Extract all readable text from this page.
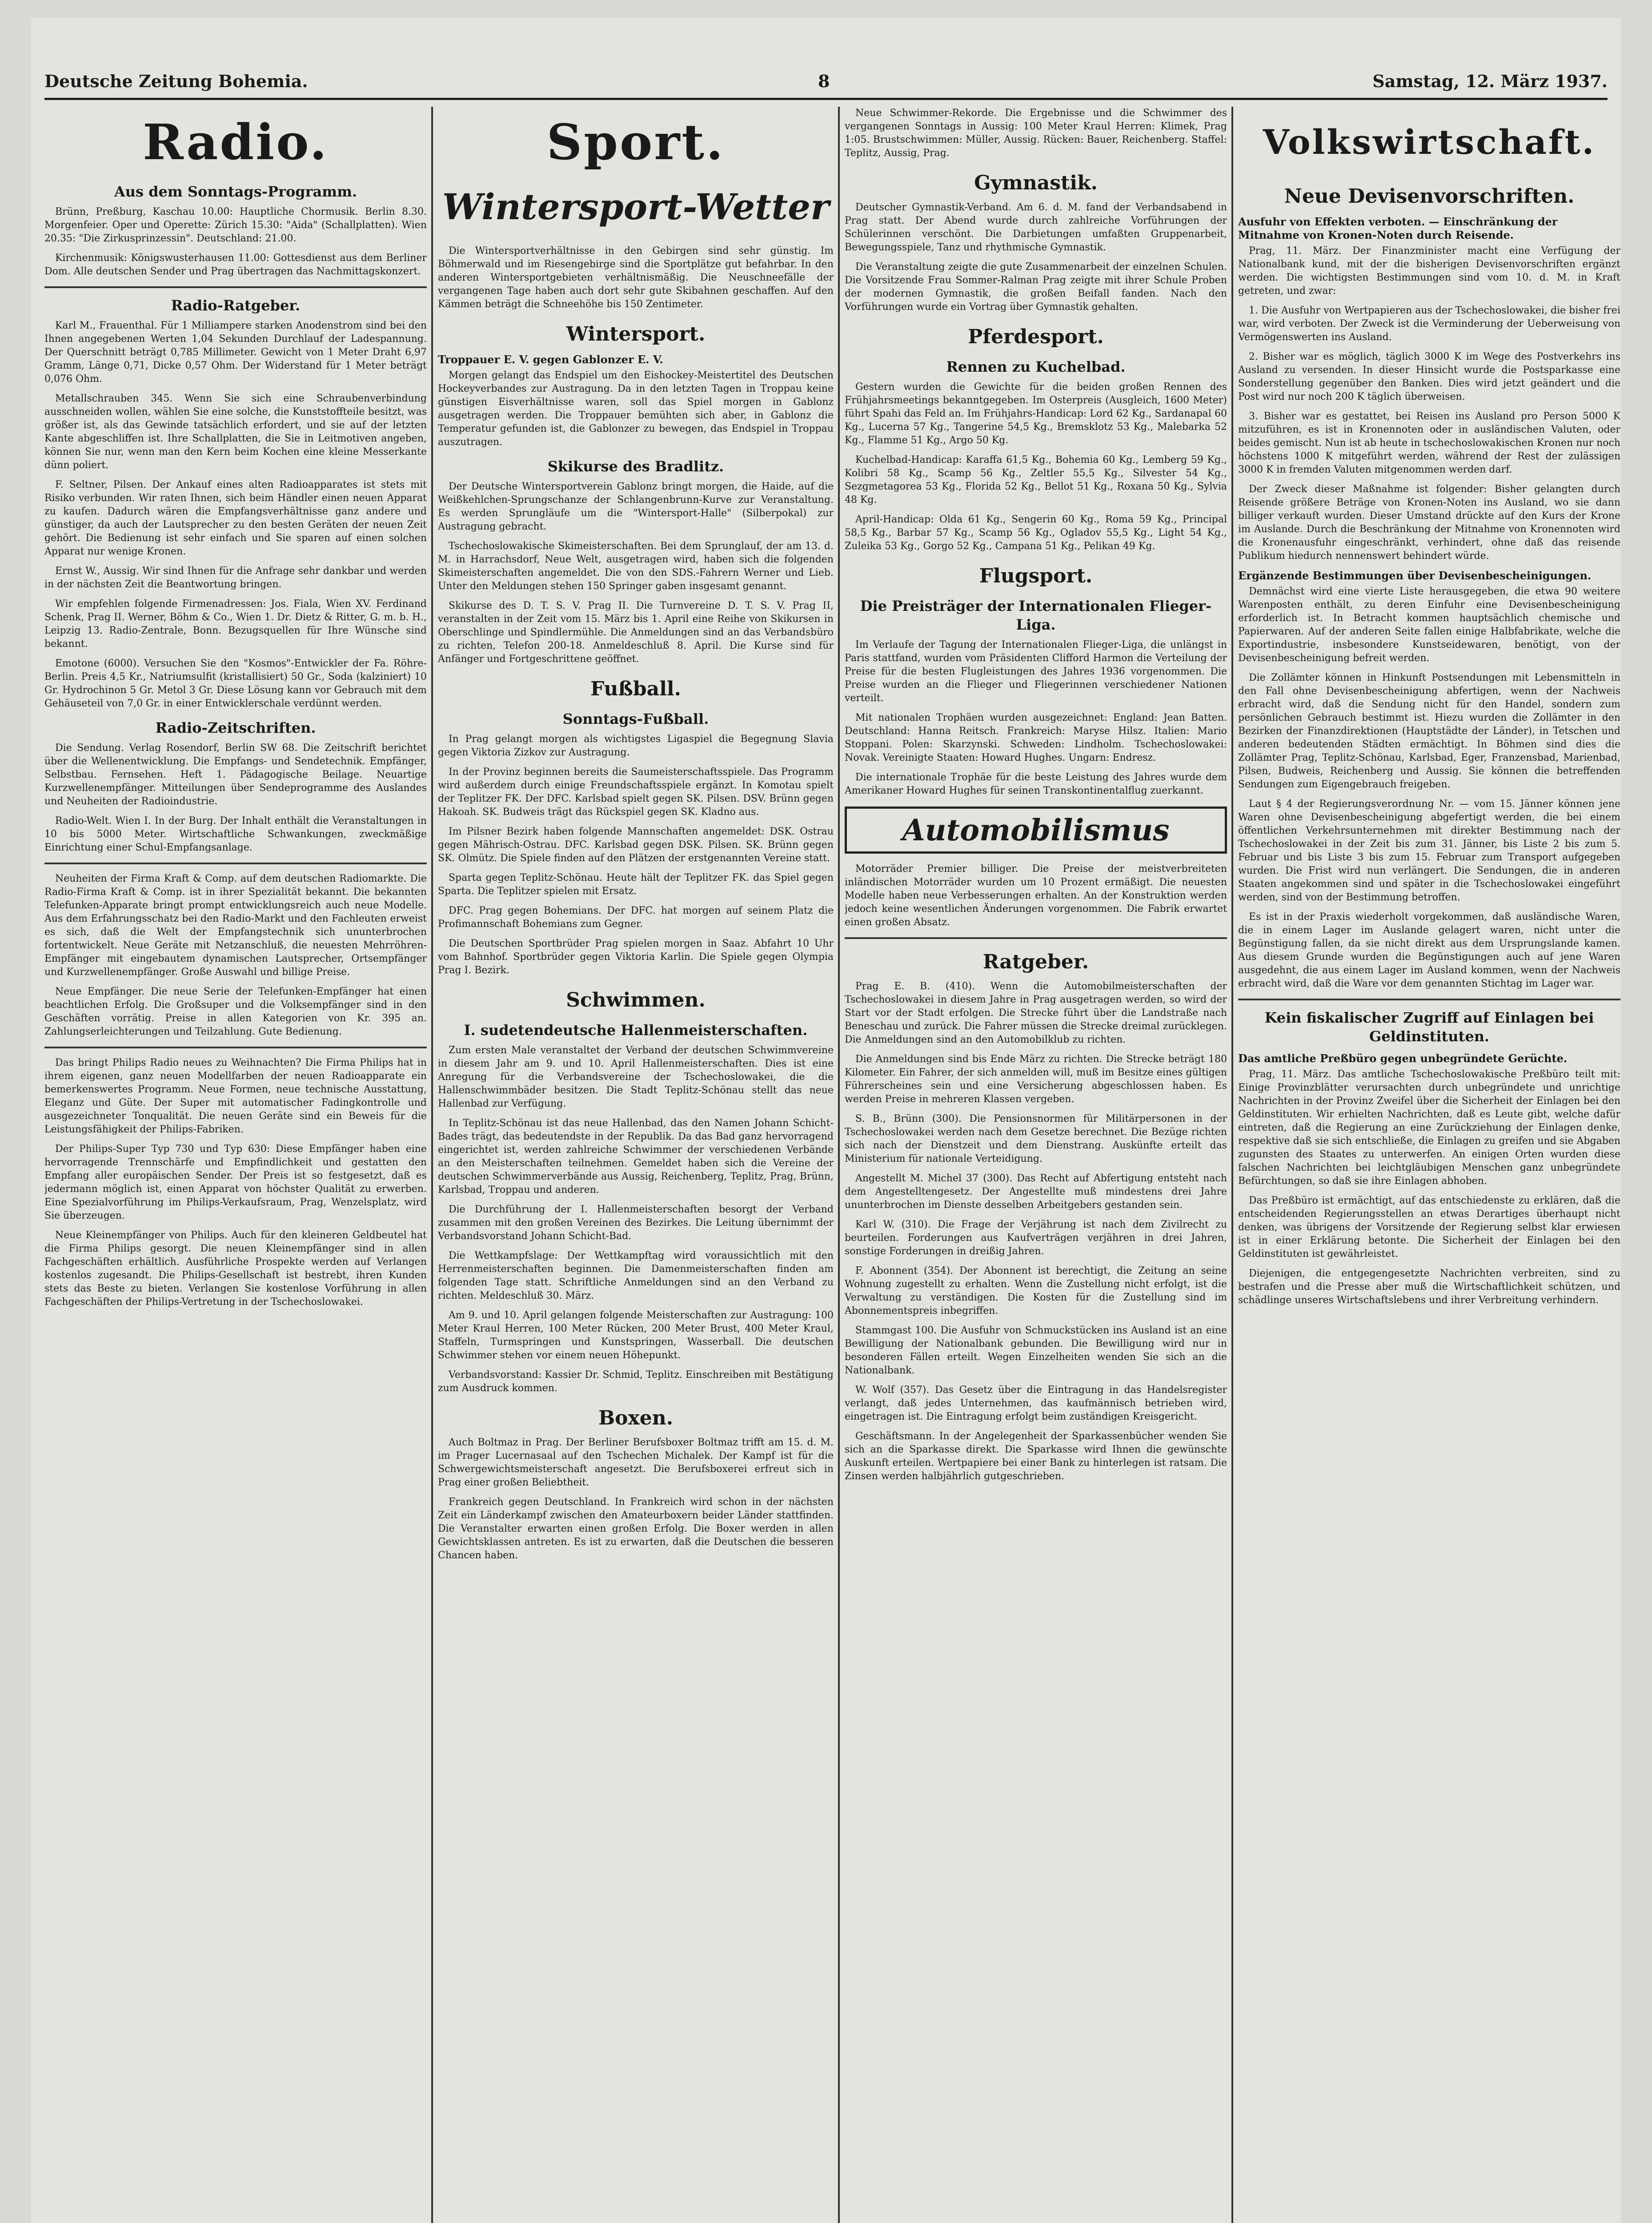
Deutsche Zeitung Bohemia.	8	Samstag, 12. März 1937.
Radio.
Aus dem Sonntags-Programm.

Brünn, Preßburg, Kaschau 10.00: Hauptliche Chormusik. Berlin 8.30. Morgenfeier. Oper und Operette: Zürich 15.30: "Aida" (Schallplatten). Wien 20.35: "Die Zirkusprinzessin". Deutschland: 21.00.

Kirchenmusik: Königswusterhausen 11.00: Gottesdienst aus dem Berliner Dom. Alle deutschen Sender und Prag übertragen das Nachmittagskonzert.

Radio-Ratgeber.

Karl M., Frauenthal. Für 1 Milliampere starken Anodenstrom sind bei den Ihnen angegebenen Werten 1,04 Sekunden Durchlauf der Ladespannung. Der Querschnitt beträgt 0,785 Millimeter. Gewicht von 1 Meter Draht 6,97 Gramm, Länge 0,71, Dicke 0,57 Ohm. Der Widerstand für 1 Meter beträgt 0,076 Ohm.

Metallschrauben 345. Wenn Sie sich eine Schraubenverbindung ausschneiden wollen, wählen Sie eine solche, die Kunststoffteile besitzt, was größer ist, als das Gewinde tatsächlich erfordert, und sie auf der letzten Kante abgeschliffen ist. Ihre Schallplatten, die Sie in Leitmotiven angeben, können Sie nur, wenn man den Kern beim Kochen eine kleine Messerkante dünn poliert.

F. Seltner, Pilsen. Der Ankauf eines alten Radioapparates ist stets mit Risiko verbunden. Wir raten Ihnen, sich beim Händler einen neuen Apparat zu kaufen. Dadurch wären die Empfangsverhältnisse ganz andere und günstiger, da auch der Lautsprecher zu den besten Geräten der neuen Zeit gehört. Die Bedienung ist sehr einfach und Sie sparen auf einen solchen Apparat nur wenige Kronen.

Ernst W., Aussig. Wir sind Ihnen für die Anfrage sehr dankbar und werden in der nächsten Zeit die Beantwortung bringen.

Wir empfehlen folgende Firmenadressen: Jos. Fiala, Wien XV. Ferdinand Schenk, Prag II. Werner, Böhm & Co., Wien 1. Dr. Dietz & Ritter, G. m. b. H., Leipzig 13. Radio-Zentrale, Bonn. Bezugsquellen für Ihre Wünsche sind bekannt.

Emotone (6000). Versuchen Sie den "Kosmos"-Entwickler der Fa. Röhre-Berlin. Preis 4,5 Kr., Natriumsulfit (kristallisiert) 50 Gr., Soda (kalziniert) 10 Gr. Hydrochinon 5 Gr. Metol 3 Gr. Diese Lösung kann vor Gebrauch mit dem Gehäuseteil von 7,0 Gr. in einer Entwicklerschale verdünnt werden.

Radio-Zeitschriften.

Die Sendung. Verlag Rosendorf, Berlin SW 68. Die Zeitschrift berichtet über die Wellenentwicklung. Die Empfangs- und Sendetechnik. Empfänger, Selbstbau. Fernsehen. Heft 1. Pädagogische Beilage. Neuartige Kurzwellenempfänger. Mitteilungen über Sendeprogramme des Auslandes und Neuheiten der Radioindustrie.

Radio-Welt. Wien I. In der Burg. Der Inhalt enthält die Veranstaltungen in 10 bis 5000 Meter. Wirtschaftliche Schwankungen, zweckmäßige Einrichtung einer Schul-Empfangsanlage.

Neuheiten der Firma Kraft & Comp. auf dem deutschen Radiomarkte. Die Radio-Firma Kraft & Comp. ist in ihrer Spezialität bekannt. Die bekannten Telefunken-Apparate bringt prompt entwicklungsreich auch neue Modelle. Aus dem Erfahrungsschatz bei den Radio-Markt und den Fachleuten erweist es sich, daß die Welt der Empfangstechnik sich ununterbrochen fortentwickelt. Neue Geräte mit Netzanschluß, die neuesten Mehrröhren-Empfänger mit eingebautem dynamischen Lautsprecher, Ortsempfänger und Kurzwellenempfänger. Große Auswahl und billige Preise.

Neue Empfänger. Die neue Serie der Telefunken-Empfänger hat einen beachtlichen Erfolg. Die Großsuper und die Volksempfänger sind in den Geschäften vorrätig. Preise in allen Kategorien von Kr. 395 an. Zahlungserleichterungen und Teilzahlung. Gute Bedienung.

Das bringt Philips Radio neues zu Weihnachten? Die Firma Philips hat in ihrem eigenen, ganz neuen Modellfarben der neuen Radioapparate ein bemerkenswertes Programm. Neue Formen, neue technische Ausstattung, Eleganz und Güte. Der Super mit automatischer Fadingkontrolle und ausgezeichneter Tonqualität. Die neuen Geräte sind ein Beweis für die Leistungsfähigkeit der Philips-Fabriken.

Der Philips-Super Typ 730 und Typ 630: Diese Empfänger haben eine hervorragende Trennschärfe und Empfindlichkeit und gestatten den Empfang aller europäischen Sender. Der Preis ist so festgesetzt, daß es jedermann möglich ist, einen Apparat von höchster Qualität zu erwerben. Eine Spezialvorführung im Philips-Verkaufsraum, Prag, Wenzelsplatz, wird Sie überzeugen.

Neue Kleinempfänger von Philips. Auch für den kleineren Geldbeutel hat die Firma Philips gesorgt. Die neuen Kleinempfänger sind in allen Fachgeschäften erhältlich. Ausführliche Prospekte werden auf Verlangen kostenlos zugesandt. Die Philips-Gesellschaft ist bestrebt, ihren Kunden stets das Beste zu bieten. Verlangen Sie kostenlose Vorführung in allen Fachgeschäften der Philips-Vertretung in der Tschechoslowakei.

Sport.
Wintersport-Wetter

Die Wintersportverhältnisse in den Gebirgen sind sehr günstig. Im Böhmerwald und im Riesengebirge sind die Sportplätze gut befahrbar. In den anderen Wintersportgebieten verhältnismäßig. Die Neuschneefälle der vergangenen Tage haben auch dort sehr gute Skibahnen geschaffen. Auf den Kämmen beträgt die Schneehöhe bis 150 Zentimeter.

Wintersport.
Troppauer E. V. gegen Gablonzer E. V.

Morgen gelangt das Endspiel um den Eishockey-Meistertitel des Deutschen Hockeyverbandes zur Austragung. Da in den letzten Tagen in Troppau keine günstigen Eisverhältnisse waren, soll das Spiel morgen in Gablonz ausgetragen werden. Die Troppauer bemühten sich aber, in Gablonz die Temperatur gefunden ist, die Gablonzer zu bewegen, das Endspiel in Troppau auszutragen.

Skikurse des Bradlitz.

Der Deutsche Wintersportverein Gablonz bringt morgen, die Haide, auf die Weißkehlchen-Sprungschanze der Schlangenbrunn-Kurve zur Veranstaltung. Es werden Sprungläufe um die "Wintersport-Halle" (Silberpokal) zur Austragung gebracht.

Tschechoslowakische Skimeisterschaften. Bei dem Sprunglauf, der am 13. d. M. in Harrachsdorf, Neue Welt, ausgetragen wird, haben sich die folgenden Skimeisterschaften angemeldet. Die von den SDS.-Fahrern Werner und Lieb. Unter den Meldungen stehen 150 Springer gaben insgesamt genannt.

Skikurse des D. T. S. V. Prag II. Die Turnvereine D. T. S. V. Prag II, veranstalten in der Zeit vom 15. März bis 1. April eine Reihe von Skikursen in Oberschlinge und Spindlermühle. Die Anmeldungen sind an das Verbandsbüro zu richten, Telefon 200-18. Anmeldeschluß 8. April. Die Kurse sind für Anfänger und Fortgeschrittene geöffnet.

Fußball.
Sonntags-Fußball.

In Prag gelangt morgen als wichtigstes Ligaspiel die Begegnung Slavia gegen Viktoria Zizkov zur Austragung.

In der Provinz beginnen bereits die Saumeisterschaftsspiele. Das Programm wird außerdem durch einige Freundschaftsspiele ergänzt. In Komotau spielt der Teplitzer FK. Der DFC. Karlsbad spielt gegen SK. Pilsen. DSV. Brünn gegen Hakoah. SK. Budweis trägt das Rückspiel gegen SK. Kladno aus.

Im Pilsner Bezirk haben folgende Mannschaften angemeldet: DSK. Ostrau gegen Mährisch-Ostrau. DFC. Karlsbad gegen DSK. Pilsen. SK. Brünn gegen SK. Olmütz. Die Spiele finden auf den Plätzen der erstgenannten Vereine statt.

Sparta gegen Teplitz-Schönau. Heute hält der Teplitzer FK. das Spiel gegen Sparta. Die Teplitzer spielen mit Ersatz.

DFC. Prag gegen Bohemians. Der DFC. hat morgen auf seinem Platz die Profimannschaft Bohemians zum Gegner.

Die Deutschen Sportbrüder Prag spielen morgen in Saaz. Abfahrt 10 Uhr vom Bahnhof. Sportbrüder gegen Viktoria Karlin. Die Spiele gegen Olympia Prag I. Bezirk.

Schwimmen.
I. sudetendeutsche Hallenmeisterschaften.

Zum ersten Male veranstaltet der Verband der deutschen Schwimmvereine in diesem Jahr am 9. und 10. April Hallenmeisterschaften. Dies ist eine Anregung für die Verbandsvereine der Tschechoslowakei, die die Hallenschwimmbäder besitzen. Die Stadt Teplitz-Schönau stellt das neue Hallenbad zur Verfügung.

In Teplitz-Schönau ist das neue Hallenbad, das den Namen Johann Schicht-Bades trägt, das bedeutendste in der Republik. Da das Bad ganz hervorragend eingerichtet ist, werden zahlreiche Schwimmer der verschiedenen Verbände an den Meisterschaften teilnehmen. Gemeldet haben sich die Vereine der deutschen Schwimmerverbände aus Aussig, Reichenberg, Teplitz, Prag, Brünn, Karlsbad, Troppau und anderen.

Die Durchführung der I. Hallenmeisterschaften besorgt der Verband zusammen mit den großen Vereinen des Bezirkes. Die Leitung übernimmt der Verbandsvorstand Johann Schicht-Bad.

Die Wettkampfslage: Der Wettkampftag wird voraussichtlich mit den Herrenmeisterschaften beginnen. Die Damenmeisterschaften finden am folgenden Tage statt. Schriftliche Anmeldungen sind an den Verband zu richten. Meldeschluß 30. März.

Am 9. und 10. April gelangen folgende Meisterschaften zur Austragung: 100 Meter Kraul Herren, 100 Meter Rücken, 200 Meter Brust, 400 Meter Kraul, Staffeln, Turmspringen und Kunstspringen, Wasserball. Die deutschen Schwimmer stehen vor einem neuen Höhepunkt.

Verbandsvorstand: Kassier Dr. Schmid, Teplitz. Einschreiben mit Bestätigung zum Ausdruck kommen.

Boxen.

Auch Boltmaz in Prag. Der Berliner Berufsboxer Boltmaz trifft am 15. d. M. im Prager Lucernasaal auf den Tschechen Michalek. Der Kampf ist für die Schwergewichtsmeisterschaft angesetzt. Die Berufsboxerei erfreut sich in Prag einer großen Beliebtheit.

Frankreich gegen Deutschland. In Frankreich wird schon in der nächsten Zeit ein Länderkampf zwischen den Amateurboxern beider Länder stattfinden. Die Veranstalter erwarten einen großen Erfolg. Die Boxer werden in allen Gewichtsklassen antreten. Es ist zu erwarten, daß die Deutschen die besseren Chancen haben.

Neue Schwimmer-Rekorde. Die Ergebnisse und die Schwimmer des vergangenen Sonntags in Aussig: 100 Meter Kraul Herren: Klimek, Prag 1:05. Brustschwimmen: Müller, Aussig. Rücken: Bauer, Reichenberg. Staffel: Teplitz, Aussig, Prag.

Gymnastik.

Deutscher Gymnastik-Verband. Am 6. d. M. fand der Verbandsabend in Prag statt. Der Abend wurde durch zahlreiche Vorführungen der Schülerinnen verschönt. Die Darbietungen umfaßten Gruppenarbeit, Bewegungsspiele, Tanz und rhythmische Gymnastik.

Die Veranstaltung zeigte die gute Zusammenarbeit der einzelnen Schulen. Die Vorsitzende Frau Sommer-Ralman Prag zeigte mit ihrer Schule Proben der modernen Gymnastik, die großen Beifall fanden. Nach den Vorführungen wurde ein Vortrag über Gymnastik gehalten.

Pferdesport.
Rennen zu Kuchelbad.

Gestern wurden die Gewichte für die beiden großen Rennen des Frühjahrsmeetings bekanntgegeben. Im Osterpreis (Ausgleich, 1600 Meter) führt Spahi das Feld an. Im Frühjahrs-Handicap: Lord 62 Kg., Sardanapal 60 Kg., Lucerna 57 Kg., Tangerine 54,5 Kg., Bremsklotz 53 Kg., Malebarka 52 Kg., Flamme 51 Kg., Argo 50 Kg.

Kuchelbad-Handicap: Karaffa 61,5 Kg., Bohemia 60 Kg., Lemberg 59 Kg., Kolibri 58 Kg., Scamp 56 Kg., Zeltler 55,5 Kg., Silvester 54 Kg., Sezgmetagorea 53 Kg., Florida 52 Kg., Bellot 51 Kg., Roxana 50 Kg., Sylvia 48 Kg.

April-Handicap: Olda 61 Kg., Sengerin 60 Kg., Roma 59 Kg., Principal 58,5 Kg., Barbar 57 Kg., Scamp 56 Kg., Ogladov 55,5 Kg., Light 54 Kg., Zuleika 53 Kg., Gorgo 52 Kg., Campana 51 Kg., Pelikan 49 Kg.

Flugsport.
Die Preisträger der Internationalen Flieger-Liga.

Im Verlaufe der Tagung der Internationalen Flieger-Liga, die unlängst in Paris stattfand, wurden vom Präsidenten Clifford Harmon die Verteilung der Preise für die besten Flugleistungen des Jahres 1936 vorgenommen. Die Preise wurden an die Flieger und Fliegerinnen verschiedener Nationen verteilt.

Mit nationalen Trophäen wurden ausgezeichnet: England: Jean Batten. Deutschland: Hanna Reitsch. Frankreich: Maryse Hilsz. Italien: Mario Stoppani. Polen: Skarzynski. Schweden: Lindholm. Tschechoslowakei: Novak. Vereinigte Staaten: Howard Hughes. Ungarn: Endresz.

Die internationale Trophäe für die beste Leistung des Jahres wurde dem Amerikaner Howard Hughes für seinen Transkontinentalflug zuerkannt.

Automobilismus

Motorräder Premier billiger. Die Preise der meistverbreiteten inländischen Motorräder wurden um 10 Prozent ermäßigt. Die neuesten Modelle haben neue Verbesserungen erhalten. An der Konstruktion werden jedoch keine wesentlichen Änderungen vorgenommen. Die Fabrik erwartet einen großen Absatz.

Ratgeber.

Prag E. B. (410). Wenn die Automobilmeisterschaften der Tschechoslowakei in diesem Jahre in Prag ausgetragen werden, so wird der Start vor der Stadt erfolgen. Die Strecke führt über die Landstraße nach Beneschau und zurück. Die Fahrer müssen die Strecke dreimal zurücklegen. Die Anmeldungen sind an den Automobilklub zu richten.

Die Anmeldungen sind bis Ende März zu richten. Die Strecke beträgt 180 Kilometer. Ein Fahrer, der sich anmelden will, muß im Besitze eines gültigen Führerscheines sein und eine Versicherung abgeschlossen haben. Es werden Preise in mehreren Klassen vergeben.

S. B., Brünn (300). Die Pensionsnormen für Militärpersonen in der Tschechoslowakei werden nach dem Gesetze berechnet. Die Bezüge richten sich nach der Dienstzeit und dem Dienstrang. Auskünfte erteilt das Ministerium für nationale Verteidigung.

Angestellt M. Michel 37 (300). Das Recht auf Abfertigung entsteht nach dem Angestelltengesetz. Der Angestellte muß mindestens drei Jahre ununterbrochen im Dienste desselben Arbeitgebers gestanden sein.

Karl W. (310). Die Frage der Verjährung ist nach dem Zivilrecht zu beurteilen. Forderungen aus Kaufverträgen verjähren in drei Jahren, sonstige Forderungen in dreißig Jahren.

F. Abonnent (354). Der Abonnent ist berechtigt, die Zeitung an seine Wohnung zugestellt zu erhalten. Wenn die Zustellung nicht erfolgt, ist die Verwaltung zu verständigen. Die Kosten für die Zustellung sind im Abonnementspreis inbegriffen.

Stammgast 100. Die Ausfuhr von Schmuckstücken ins Ausland ist an eine Bewilligung der Nationalbank gebunden. Die Bewilligung wird nur in besonderen Fällen erteilt. Wegen Einzelheiten wenden Sie sich an die Nationalbank.

W. Wolf (357). Das Gesetz über die Eintragung in das Handelsregister verlangt, daß jedes Unternehmen, das kaufmännisch betrieben wird, eingetragen ist. Die Eintragung erfolgt beim zuständigen Kreisgericht.

Geschäftsmann. In der Angelegenheit der Sparkassenbücher wenden Sie sich an die Sparkasse direkt. Die Sparkasse wird Ihnen die gewünschte Auskunft erteilen. Wertpapiere bei einer Bank zu hinterlegen ist ratsam. Die Zinsen werden halbjährlich gutgeschrieben.

Volkswirtschaft.
Neue Devisenvorschriften.
Ausfuhr von Effekten verboten. — Einschränkung der Mitnahme von Kronen-Noten durch Reisende.

Prag, 11. März. Der Finanzminister macht eine Verfügung der Nationalbank kund, mit der die bisherigen Devisenvorschriften ergänzt werden. Die wichtigsten Bestimmungen sind vom 10. d. M. in Kraft getreten, und zwar:

1. Die Ausfuhr von Wertpapieren aus der Tschechoslowakei, die bisher frei war, wird verboten. Der Zweck ist die Verminderung der Ueberweisung von Vermögenswerten ins Ausland.

2. Bisher war es möglich, täglich 3000 K im Wege des Postverkehrs ins Ausland zu versenden. In dieser Hinsicht wurde die Postsparkasse eine Sonderstellung gegenüber den Banken. Dies wird jetzt geändert und die Post wird nur noch 200 K täglich überweisen.

3. Bisher war es gestattet, bei Reisen ins Ausland pro Person 5000 K mitzuführen, es ist in Kronennoten oder in ausländischen Valuten, oder beides gemischt. Nun ist ab heute in tschechoslowakischen Kronen nur noch höchstens 1000 K mitgeführt werden, während der Rest der zulässigen 3000 K in fremden Valuten mitgenommen werden darf.

Der Zweck dieser Maßnahme ist folgender: Bisher gelangten durch Reisende größere Beträge von Kronen-Noten ins Ausland, wo sie dann billiger verkauft wurden. Dieser Umstand drückte auf den Kurs der Krone im Auslande. Durch die Beschränkung der Mitnahme von Kronennoten wird die Kronenausfuhr eingeschränkt, verhindert, ohne daß das reisende Publikum hiedurch nennenswert behindert würde.

Ergänzende Bestimmungen über Devisenbescheinigungen.

Demnächst wird eine vierte Liste herausgegeben, die etwa 90 weitere Warenposten enthält, zu deren Einfuhr eine Devisenbescheinigung erforderlich ist. In Betracht kommen hauptsächlich chemische und Papierwaren. Auf der anderen Seite fallen einige Halbfabrikate, welche die Exportindustrie, insbesondere Kunstseidewaren, benötigt, von der Devisenbescheinigung befreit werden.

Die Zollämter können in Hinkunft Postsendungen mit Lebensmitteln in den Fall ohne Devisenbescheinigung abfertigen, wenn der Nachweis erbracht wird, daß die Sendung nicht für den Handel, sondern zum persönlichen Gebrauch bestimmt ist. Hiezu wurden die Zollämter in den Bezirken der Finanzdirektionen (Hauptstädte der Länder), in Tetschen und anderen bedeutenden Städten ermächtigt. In Böhmen sind dies die Zollämter Prag, Teplitz-Schönau, Karlsbad, Eger, Franzensbad, Marienbad, Pilsen, Budweis, Reichenberg und Aussig. Sie können die betreffenden Sendungen zum Eigengebrauch freigeben.

Laut § 4 der Regierungsverordnung Nr. — vom 15. Jänner können jene Waren ohne Devisenbescheinigung abgefertigt werden, die bei einem öffentlichen Verkehrsunternehmen mit direkter Bestimmung nach der Tschechoslowakei in der Zeit bis zum 31. Jänner, bis Liste 2 bis zum 5. Februar und bis Liste 3 bis zum 15. Februar zum Transport aufgegeben wurden. Die Frist wird nun verlängert. Die Sendungen, die in anderen Staaten angekommen sind und später in die Tschechoslowakei eingeführt werden, sind von der Bestimmung betroffen.

Es ist in der Praxis wiederholt vorgekommen, daß ausländische Waren, die in einem Lager im Auslande gelagert waren, nicht unter die Begünstigung fallen, da sie nicht direkt aus dem Ursprungslande kamen. Aus diesem Grunde wurden die Begünstigungen auch auf jene Waren ausgedehnt, die aus einem Lager im Ausland kommen, wenn der Nachweis erbracht wird, daß die Ware vor dem genannten Stichtag im Lager war.

Kein fiskalischer Zugriff auf Einlagen bei Geldinstituten.
Das amtliche Preßbüro gegen unbegründete Gerüchte.

Prag, 11. März. Das amtliche Tschechoslowakische Preßbüro teilt mit: Einige Provinzblätter verursachten durch unbegründete und unrichtige Nachrichten in der Provinz Zweifel über die Sicherheit der Einlagen bei den Geldinstituten. Wir erhielten Nachrichten, daß es Leute gibt, welche dafür eintreten, daß die Regierung an eine Zurückziehung der Einlagen denke, respektive daß sie sich entschließe, die Einlagen zu greifen und sie Abgaben zugunsten des Staates zu unterwerfen. An einigen Orten wurden diese falschen Nachrichten bei leichtgläubigen Menschen ganz unbegründete Befürchtungen, so daß sie ihre Einlagen abhoben.

Das Preßbüro ist ermächtigt, auf das entschiedenste zu erklären, daß die entscheidenden Regierungsstellen an etwas Derartiges überhaupt nicht denken, was übrigens der Vorsitzende der Regierung selbst klar erwiesen ist in einer Erklärung betonte. Die Sicherheit der Einlagen bei den Geldinstituten ist gewährleistet.

Diejenigen, die entgegengesetzte Nachrichten verbreiten, sind zu bestrafen und die Presse aber muß die Wirtschaftlichkeit schützen, und schädlinge unseres Wirtschaftslebens und ihrer Verbreitung verhindern.
